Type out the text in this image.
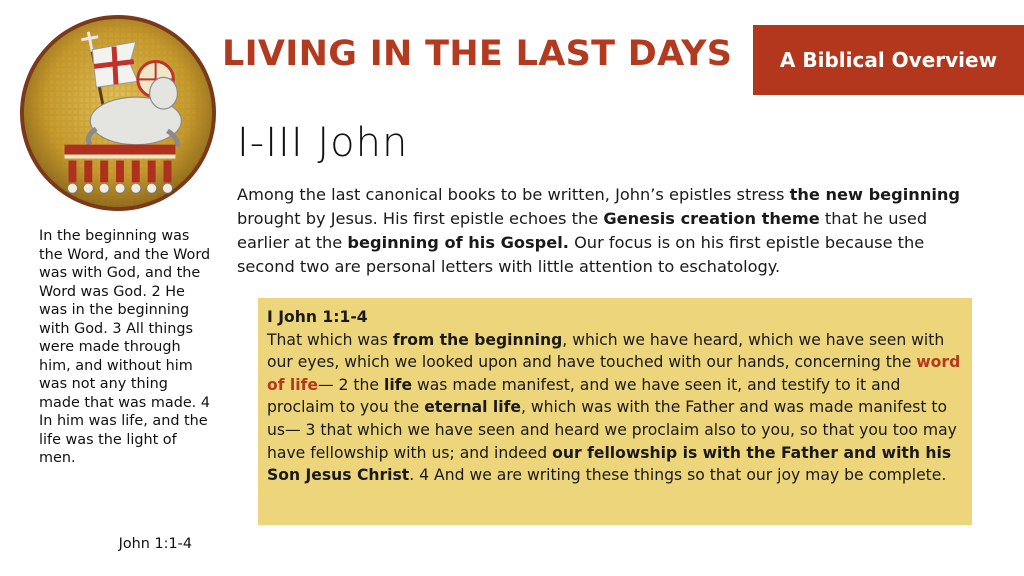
LIVING IN THE LAST DAYS A Biblical Overview
I-III John
Among the last canonical books to be written, John’s epistles stress the new beginning brought by Jesus. His first epistle echoes the Genesis creation theme that he used earlier at the beginning of his Gospel. Our focus is on his first epistle because the second two are personal letters with little attention to eschatology.
In the beginning was the Word, and the Word was with God, and the Word was God. 2 He was in the beginning with God. 3 All things were made through him, and without him was not any thing made that was made. 4 In him was life, and the life was the light of men.
John 1:1-4
I John 1:1-4
That which was from the beginning, which we have heard, which we have seen with our eyes, which we looked upon and have touched with our hands, concerning the word of life— 2 the life was made manifest, and we have seen it, and testify to it and proclaim to you the eternal life, which was with the Father and was made manifest to us— 3 that which we have seen and heard we proclaim also to you, so that you too may have fellowship with us; and indeed our fellowship is with the Father and with his Son Jesus Christ. 4 And we are writing these things so that our joy may be complete.
